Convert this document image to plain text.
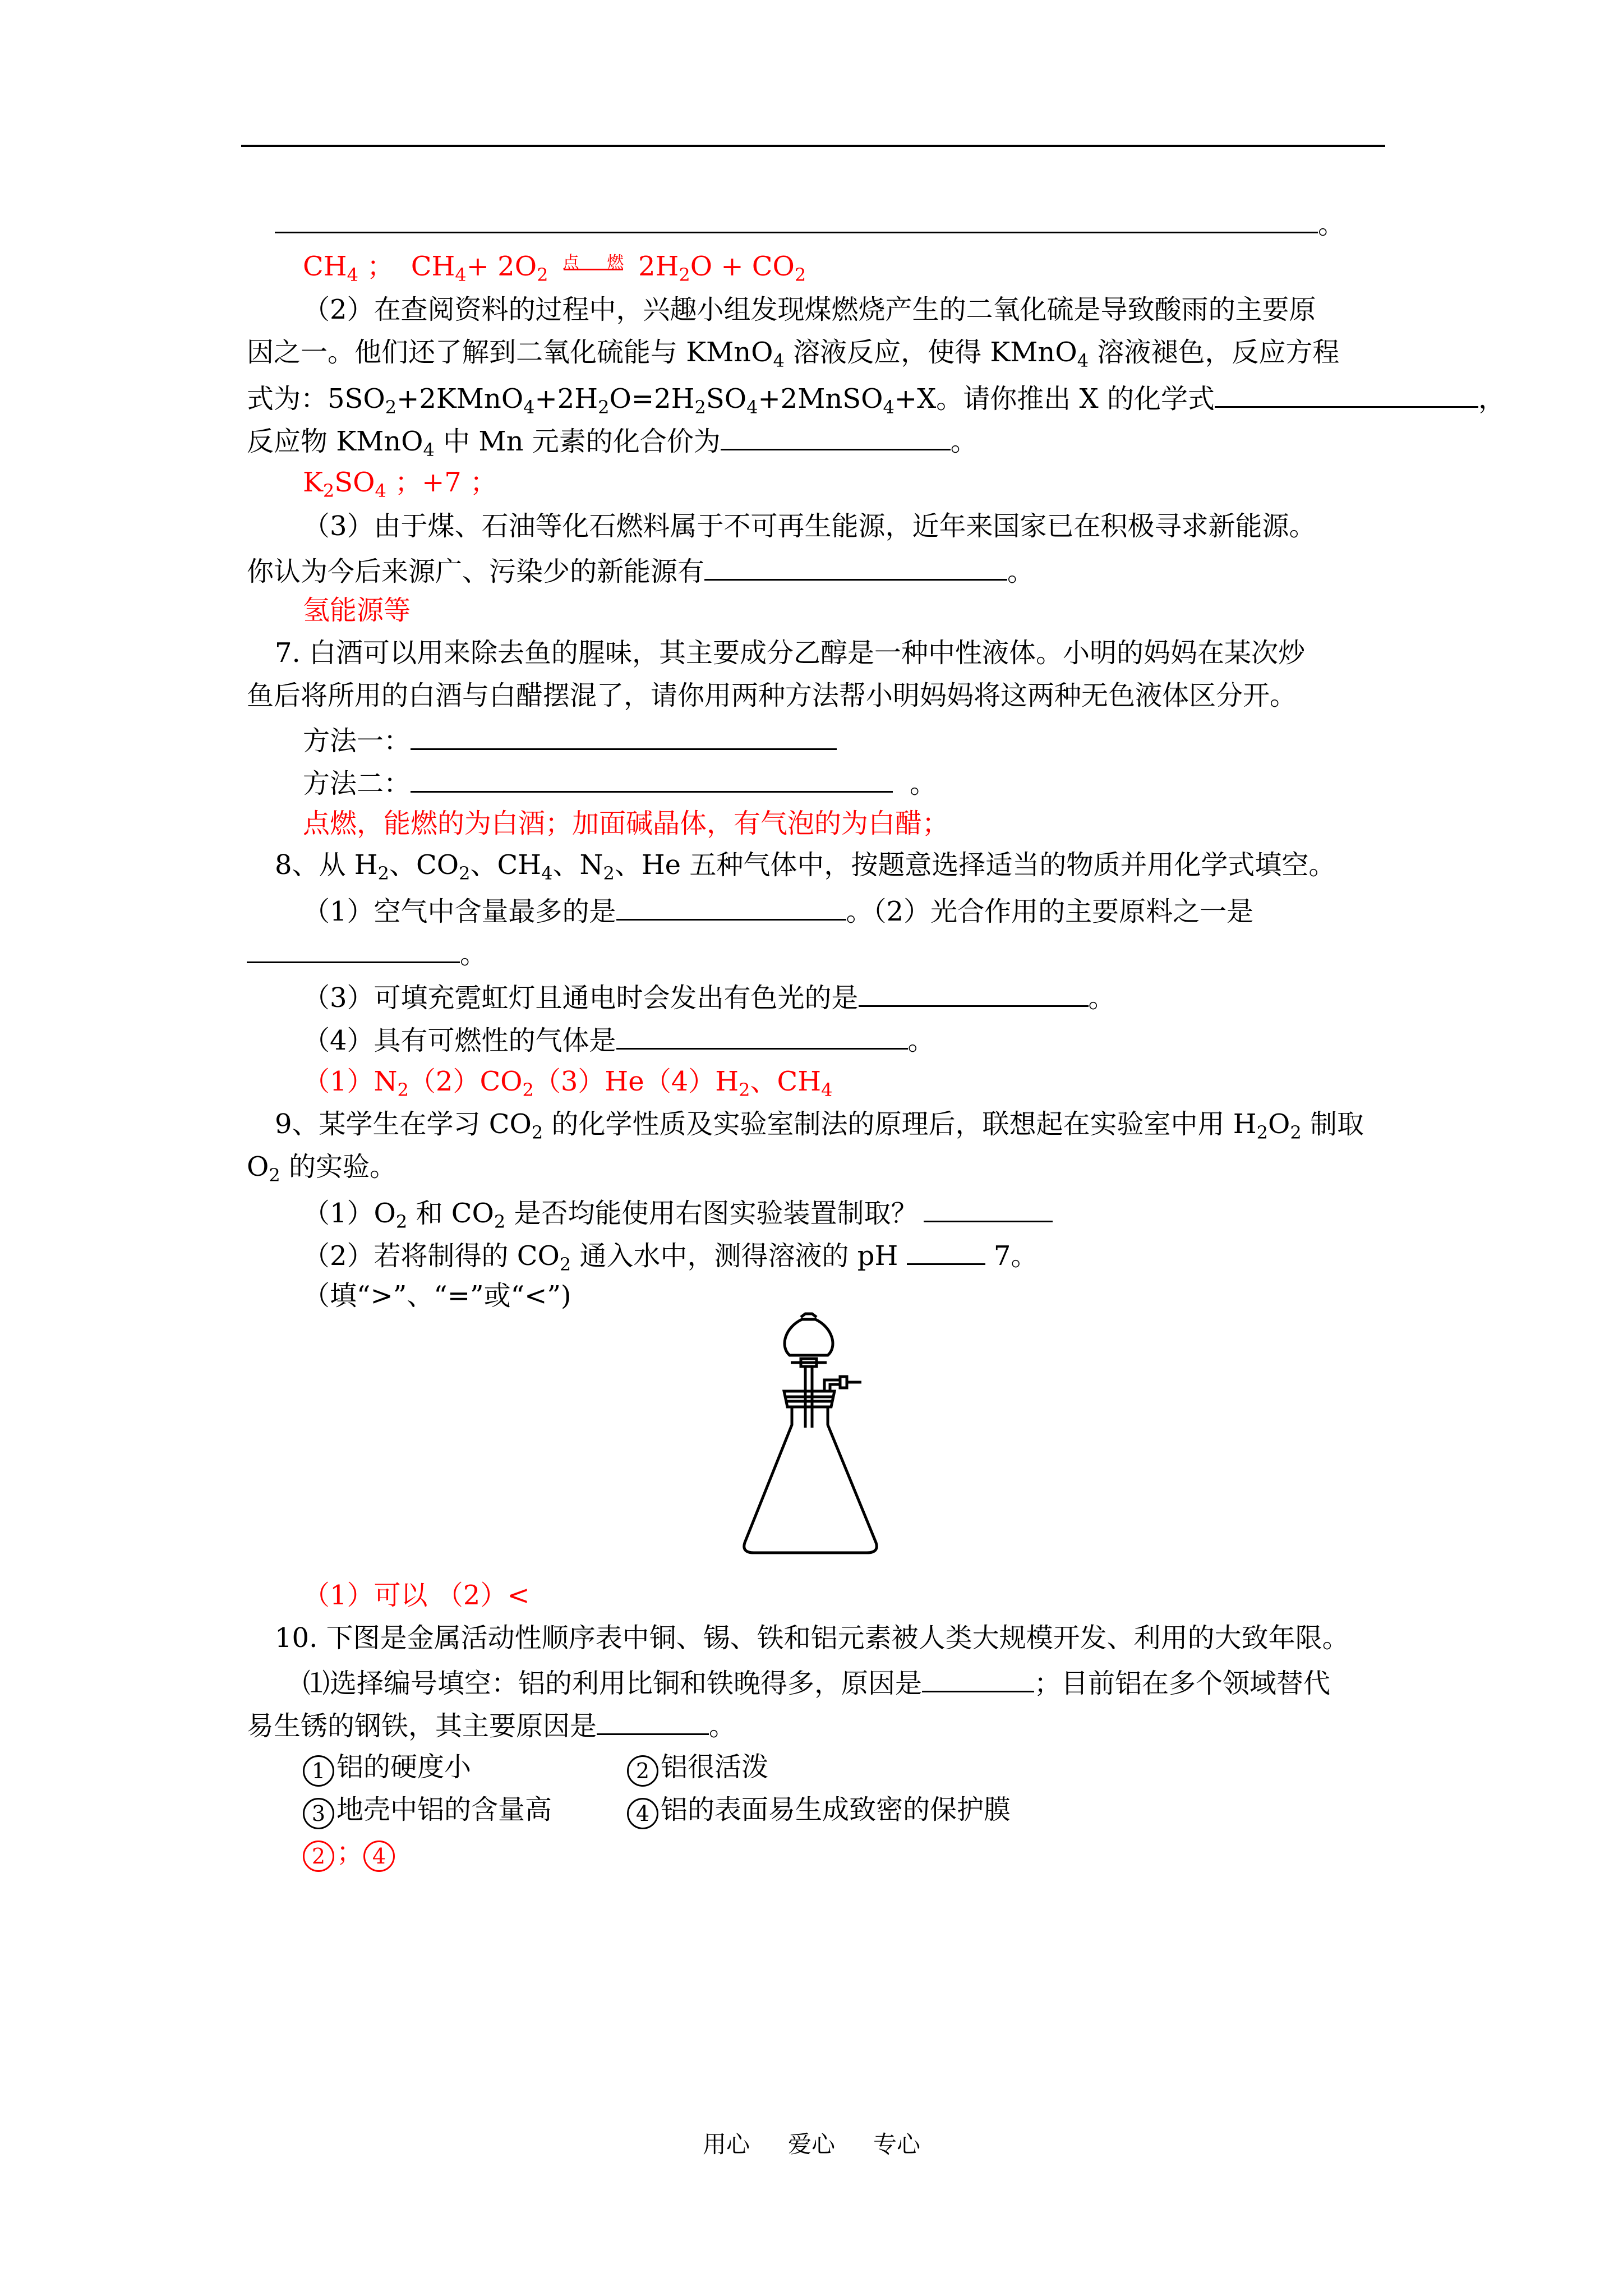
。
$CH_4$ ；  $CH_4+ 2O_2$
点 燃 $2H_2O + CO_2$
（2）在查阅资料的过程中，兴趣小组发现煤燃烧产生的二氧化硫是导致酸雨的主要原
因之一。他们还了解到二氧化硫能与 KMnO$_4$ 溶液反应，使得 KMnO$_4$ 溶液褪色，反应方程
式为：$5SO_2+2KMnO_4+2H_2O=2H_2SO_4+2MnSO_4+X$。请你推出 X 的化学式	，
反应物 KMnO$_4$ 中 Mn 元素的化合价为	。
$K_2SO_4$ ；+7 ；
（3）由于煤、石油等化石燃料属于不可再生能源，近年来国家已在积极寻求新能源。
你认为今后来源广、污染少的新能源有	。
氢能源等
7. 白酒可以用来除去鱼的腥味，其主要成分乙醇是一种中性液体。小明的妈妈在某次炒
鱼后将所用的白酒与白醋摆混了，请你用两种方法帮小明妈妈将这两种无色液体区分开。
方法一：
方法二：	。
点燃，能燃的为白酒；加面碱晶体，有气泡的为白醋；
8、从 $H_2$、$CO_2$、$CH_4$、$N_2$、He 五种气体中，按题意选择适当的物质并用化学式填空。
（1）空气中含量最多的是	。（2）光合作用的主要原料之一是
。
（3）可填充霓虹灯且通电时会发出有色光的是	。
（4）具有可燃性的气体是	。
$(1)N_2(2)CO_2(3)He(4)H_2$、$CH_4$
9、某学生在学习 $CO_2$ 的化学性质及实验室制法的原理后，联想起在实验室中用 $H_2O_2$ 制取
$O_2$ 的实验。
$(1)O_2$ 和 $CO_2$ 是否均能使用右图实验装置制取？
（2）若将制得的 $CO_2$ 通入水中，测得溶液的 pH	7。
（填“>”、“=”或“<”)
（1）可以 （2）<
10. 下图是金属活动性顺序表中铜、锡、铁和铝元素被人类大规模开发、利用的大致年限。
⑴选择编号填空：铝的利用比铜和铁晚得多，原因是	；目前铝在多个领域替代
易生锈的钢铁，其主要原因是	。
1 铝的硬度小	2 铝很活泼
3 地壳中铝的含量高	4 铝的表面易生成致密的保护膜
2 ； 4
用心 爱心 专心
